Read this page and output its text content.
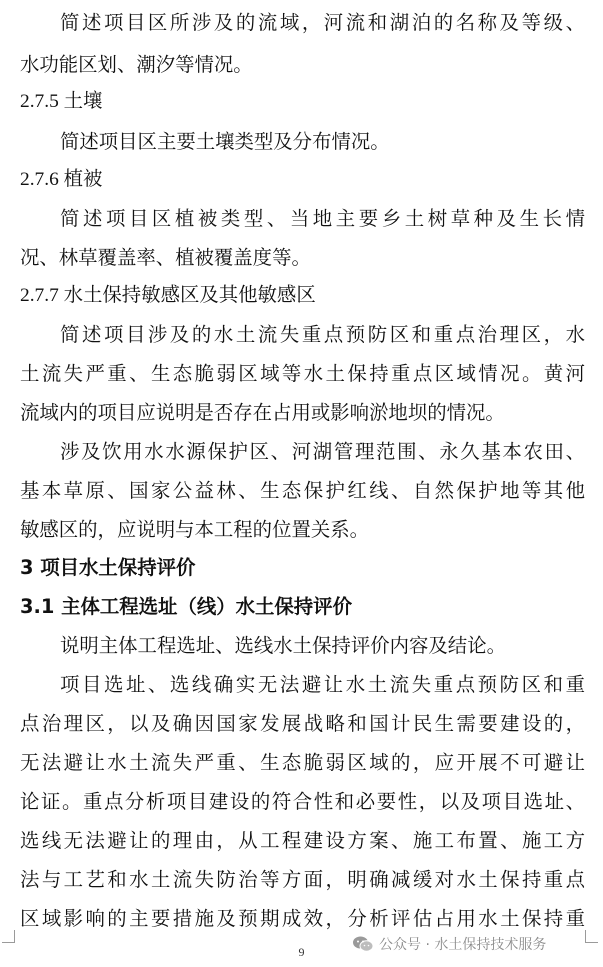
简述项目区所涉及的流域，河流和湖泊的名称及等级、
水功能区划、潮汐等情况。
2.7.5 土壤
简述项目区主要土壤类型及分布情况。
2.7.6 植被
简述项目区植被类型、当地主要乡土树草种及生长情
况、林草覆盖率、植被覆盖度等。
2.7.7 水土保持敏感区及其他敏感区
简述项目涉及的水土流失重点预防区和重点治理区，水
土流失严重、生态脆弱区域等水土保持重点区域情况。黄河
流域内的项目应说明是否存在占用或影响淤地坝的情况。
涉及饮用水水源保护区、河湖管理范围、永久基本农田、
基本草原、国家公益林、生态保护红线、自然保护地等其他
敏感区的，应说明与本工程的位置关系。
3 项目水土保持评价
3.1 主体工程选址（线）水土保持评价
说明主体工程选址、选线水土保持评价内容及结论。
项目选址、选线确实无法避让水土流失重点预防区和重
点治理区，以及确因国家发展战略和国计民生需要建设的，
无法避让水土流失严重、生态脆弱区域的，应开展不可避让
论证。重点分析项目建设的符合性和必要性，以及项目选址、
选线无法避让的理由，从工程建设方案、施工布置、施工方
法与工艺和水土流失防治等方面，明确减缓对水土保持重点
区域影响的主要措施及预期成效，分析评估占用水土保持重
公众号 · 水土保持技术服务
9
